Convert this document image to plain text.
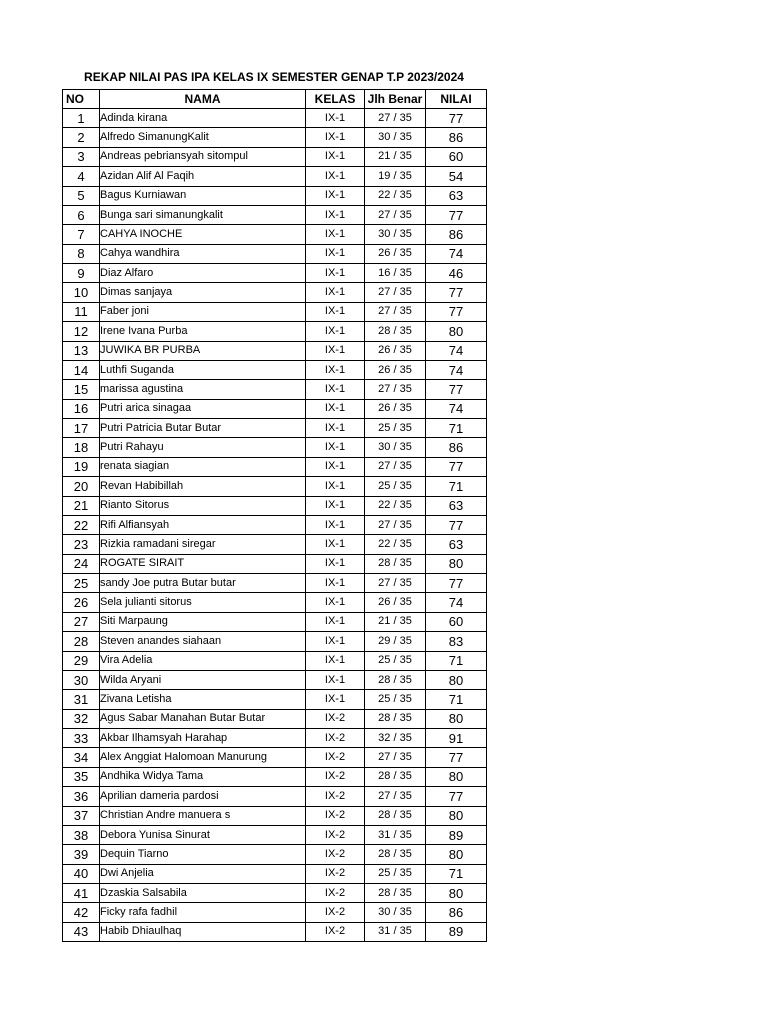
REKAP NILAI PAS IPA KELAS IX SEMESTER GENAP T.P 2023/2024
NO	NAMA	KELAS	Jlh Benar	NILAI
1	Adinda kirana	IX-1	27 / 35	77
2	Alfredo SimanungKalit	IX-1	30 / 35	86
3	Andreas pebriansyah sitompul	IX-1	21 / 35	60
4	Azidan Alif Al Faqih	IX-1	19 / 35	54
5	Bagus Kurniawan	IX-1	22 / 35	63
6	Bunga sari simanungkalit	IX-1	27 / 35	77
7	CAHYA INOCHE	IX-1	30 / 35	86
8	Cahya wandhira	IX-1	26 / 35	74
9	Diaz Alfaro	IX-1	16 / 35	46
10	Dimas sanjaya	IX-1	27 / 35	77
11	Faber joni	IX-1	27 / 35	77
12	Irene Ivana Purba	IX-1	28 / 35	80
13	JUWIKA BR PURBA	IX-1	26 / 35	74
14	Luthfi Suganda	IX-1	26 / 35	74
15	marissa agustina	IX-1	27 / 35	77
16	Putri arica sinagaa	IX-1	26 / 35	74
17	Putri Patricia Butar Butar	IX-1	25 / 35	71
18	Putri Rahayu	IX-1	30 / 35	86
19	renata siagian	IX-1	27 / 35	77
20	Revan Habibillah	IX-1	25 / 35	71
21	Rianto Sitorus	IX-1	22 / 35	63
22	Rifi Alfiansyah	IX-1	27 / 35	77
23	Rizkia ramadani siregar	IX-1	22 / 35	63
24	ROGATE SIRAIT	IX-1	28 / 35	80
25	sandy Joe putra Butar butar	IX-1	27 / 35	77
26	Sela julianti sitorus	IX-1	26 / 35	74
27	Siti Marpaung	IX-1	21 / 35	60
28	Steven anandes siahaan	IX-1	29 / 35	83
29	Vira Adelia	IX-1	25 / 35	71
30	Wilda Aryani	IX-1	28 / 35	80
31	Zivana Letisha	IX-1	25 / 35	71
32	Agus Sabar Manahan Butar Butar	IX-2	28 / 35	80
33	Akbar Ilhamsyah Harahap	IX-2	32 / 35	91
34	Alex Anggiat Halomoan Manurung	IX-2	27 / 35	77
35	Andhika Widya Tama	IX-2	28 / 35	80
36	Aprilian dameria pardosi	IX-2	27 / 35	77
37	Christian Andre manuera s	IX-2	28 / 35	80
38	Debora Yunisa Sinurat	IX-2	31 / 35	89
39	Dequin Tiarno	IX-2	28 / 35	80
40	Dwi Anjelia	IX-2	25 / 35	71
41	Dzaskia Salsabila	IX-2	28 / 35	80
42	Ficky rafa fadhil	IX-2	30 / 35	86
43	Habib Dhiaulhaq	IX-2	31 / 35	89
